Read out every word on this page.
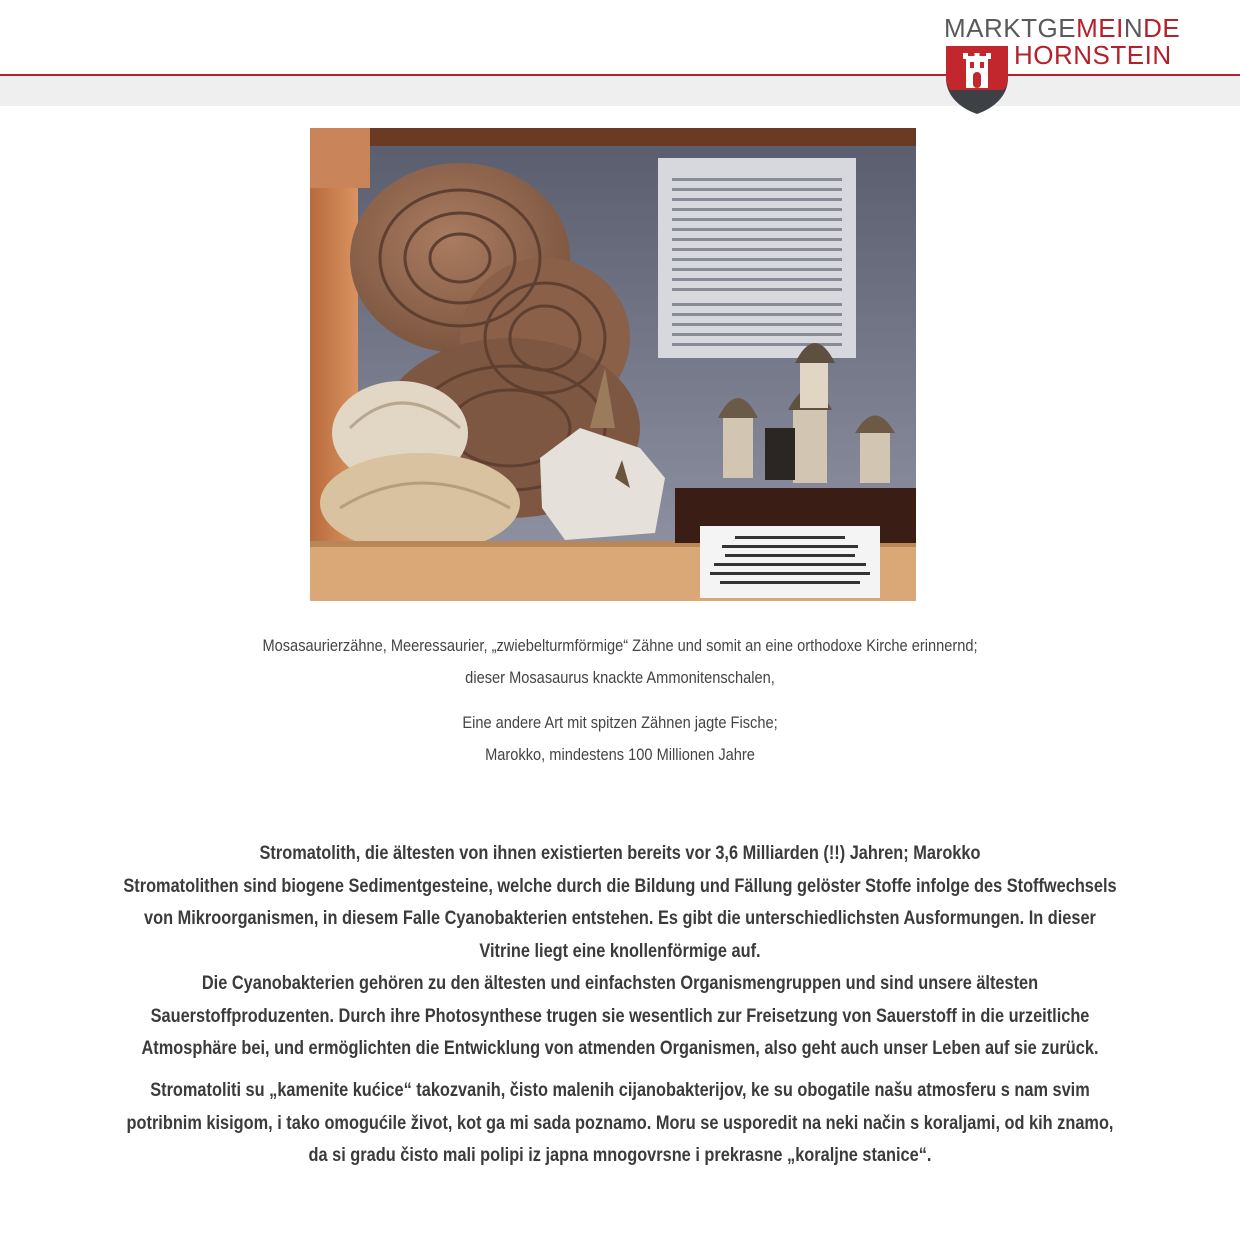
MARKTGEMEINDE
HORNSTEIN
Mosasaurierzähne, Meeressaurier, „zwiebelturmförmige“ Zähne und somit an eine orthodoxe Kirche erinnernd;
dieser Mosasaurus knackte Ammonitenschalen,
Eine andere Art mit spitzen Zähnen jagte Fische;
Marokko, mindestens 100 Millionen Jahre

Stromatolith, die ältesten von ihnen existierten bereits vor 3,6 Milliarden (!!) Jahren; Marokko

Stromatolithen sind biogene Sedimentgesteine, welche durch die Bildung und Fällung gelöster Stoffe infolge des Stoffwechsels von Mikroorganismen, in diesem Falle Cyanobakterien entstehen. Es gibt die unterschiedlichsten Ausformungen. In dieser Vitrine liegt eine knollenförmige auf.

Die Cyanobakterien gehören zu den ältesten und einfachsten Organismengruppen und sind unsere ältesten Sauerstoffproduzenten. Durch ihre Photosynthese trugen sie wesentlich zur Freisetzung von Sauerstoff in die urzeitliche Atmosphäre bei, und ermöglichten die Entwicklung von atmenden Organismen, also geht auch unser Leben auf sie zurück.

Stromatoliti su „kamenite kućice“ takozvanih, čisto malenih cijanobakterijov, ke su obogatile našu atmosferu s nam svim potribnim kisigom, i tako omogućile život, kot ga mi sada poznamo. Moru se usporedit na neki način s koraljami, od kih znamo, da si gradu čisto mali polipi iz japna mnogovrsne i prekrasne „koraljne stanice“.
